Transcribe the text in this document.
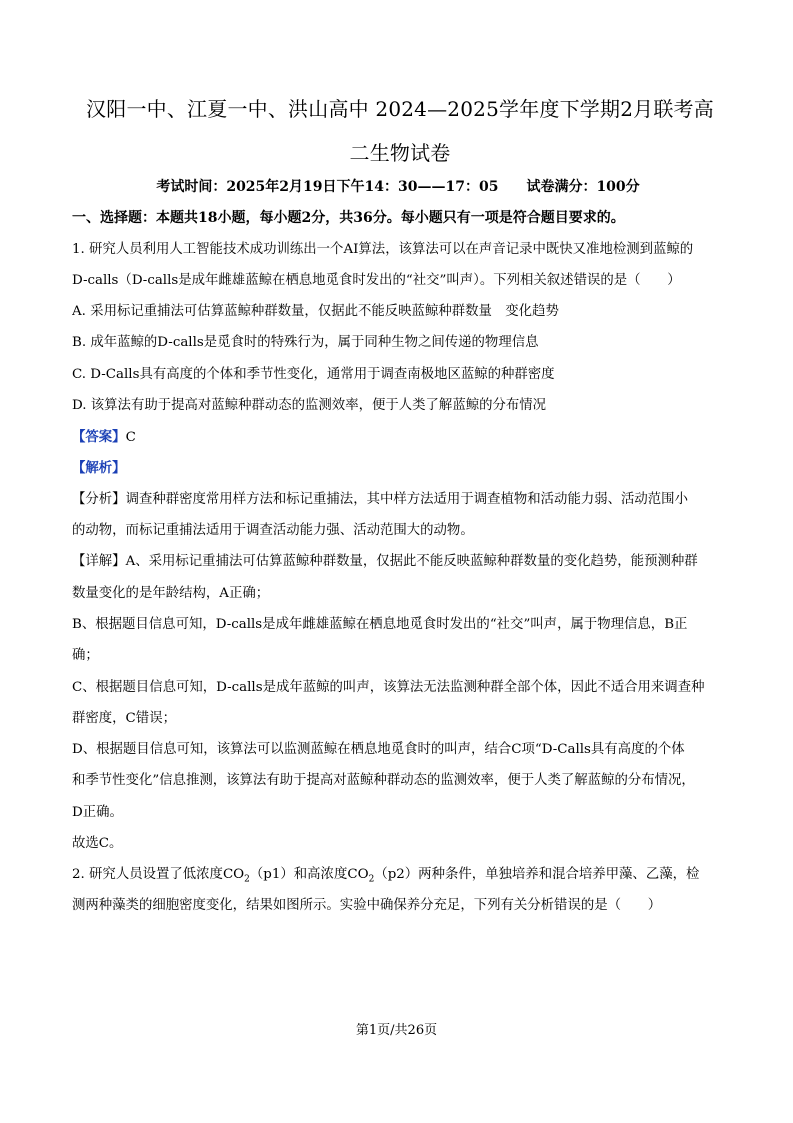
汉阳一中、江夏一中、洪山高中 2024—2025学年度下学期2月联考高
二生物试卷
考试时间：2025年2月19日下午14：30——17：05　　试卷满分：100分
一、选择题：本题共18小题，每小题2分，共36分。每小题只有一项是符合题目要求的。
1. 研究人员利用人工智能技术成功训练出一个AI算法，该算法可以在声音记录中既快又准地检测到蓝鲸的
D-calls（D-calls是成年雌雄蓝鲸在栖息地觅食时发出的“社交”叫声）。下列相关叙述错误的是（　　）
A. 采用标记重捕法可估算蓝鲸种群数量，仅据此不能反映蓝鲸种群数量　变化趋势
B. 成年蓝鲸的D-calls是觅食时的特殊行为，属于同种生物之间传递的物理信息
C. D-Calls具有高度的个体和季节性变化，通常用于调查南极地区蓝鲸的种群密度
D. 该算法有助于提高对蓝鲸种群动态的监测效率，便于人类了解蓝鲸的分布情况
【答案】C
【解析】
【分析】调查种群密度常用样方法和标记重捕法，其中样方法适用于调查植物和活动能力弱、活动范围小
的动物，而标记重捕法适用于调查活动能力强、活动范围大的动物。
【详解】A、采用标记重捕法可估算蓝鲸种群数量，仅据此不能反映蓝鲸种群数量的变化趋势，能预测种群
数量变化的是年龄结构，A正确；
B、根据题目信息可知，D-calls是成年雌雄蓝鲸在栖息地觅食时发出的“社交”叫声，属于物理信息，B正
确；
C、根据题目信息可知，D-calls是成年蓝鲸的叫声，该算法无法监测种群全部个体，因此不适合用来调查种
群密度，C错误；
D、根据题目信息可知，该算法可以监测蓝鲸在栖息地觅食时的叫声，结合C项“D-Calls具有高度的个体
和季节性变化”信息推测，该算法有助于提高对蓝鲸种群动态的监测效率，便于人类了解蓝鲸的分布情况，
D正确。
故选C。
2. 研究人员设置了低浓度$CO_2(p1)$和高浓度$CO_2(p2)$两种条件，单独培养和混合培养甲藻、乙藻，检
测两种藻类的细胞密度变化，结果如图所示。实验中确保养分充足，下列有关分析错误的是（　　）
第1页/共26页
